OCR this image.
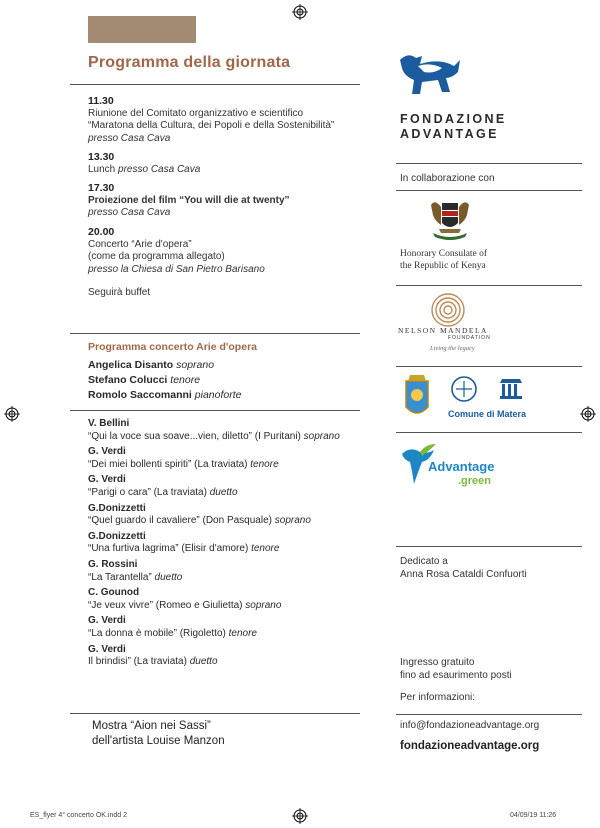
Programma della giornata
11.30
Riunione del Comitato organizzativo e scientifico
“Maratona della Cultura, dei Popoli e della Sostenibilità”
presso Casa Cava
13.30
Lunch presso Casa Cava
17.30
Proiezione del film “You will die at twenty”
presso Casa Cava
20.00
Concerto “Arie d'opera”
(come da programma allegato)
presso la Chiesa di San Pietro Barisano
Seguirà buffet
Programma concerto Arie d'opera
Angelica Disanto soprano
Stefano Colucci tenore
Romolo Saccomanni pianoforte
V. Bellini
“Qui la voce sua soave...vien, diletto” (I Puritani) soprano
G. Verdi
“Dei miei bollenti spiriti” (La traviata) tenore
G. Verdi
“Parigi o cara” (La traviata) duetto
G.Donizzetti
“Quel guardo il cavaliere” (Don Pasquale) soprano
G.Donizzetti
“Una furtiva lagrima” (Elisir d'amore) tenore
G. Rossini
“La Tarantella” duetto
C. Gounod
“Je veux vivre” (Romeo e Giulietta) soprano
G. Verdi
“La donna è mobile” (Rigoletto) tenore
G. Verdi
Il brindisi” (La traviata) duetto
Mostra “Aion nei Sassi”
dell'artista Louise Manzon
FONDAZIONE
ADVANTAGE
In collaborazione con
Honorary Consulate of
the Republic of Kenya
NELSON MANDELA
FOUNDATION
Living the legacy
Comune di Matera
Advantage
.green
Dedicato a
Anna Rosa Cataldi Confuorti
Ingresso gratuito
fino ad esaurimento posti
Per informazioni:
info@fondazioneadvantage.org
fondazioneadvantage.org
ES_flyer 4° concerto OK.indd 2	04/09/19 11:26
